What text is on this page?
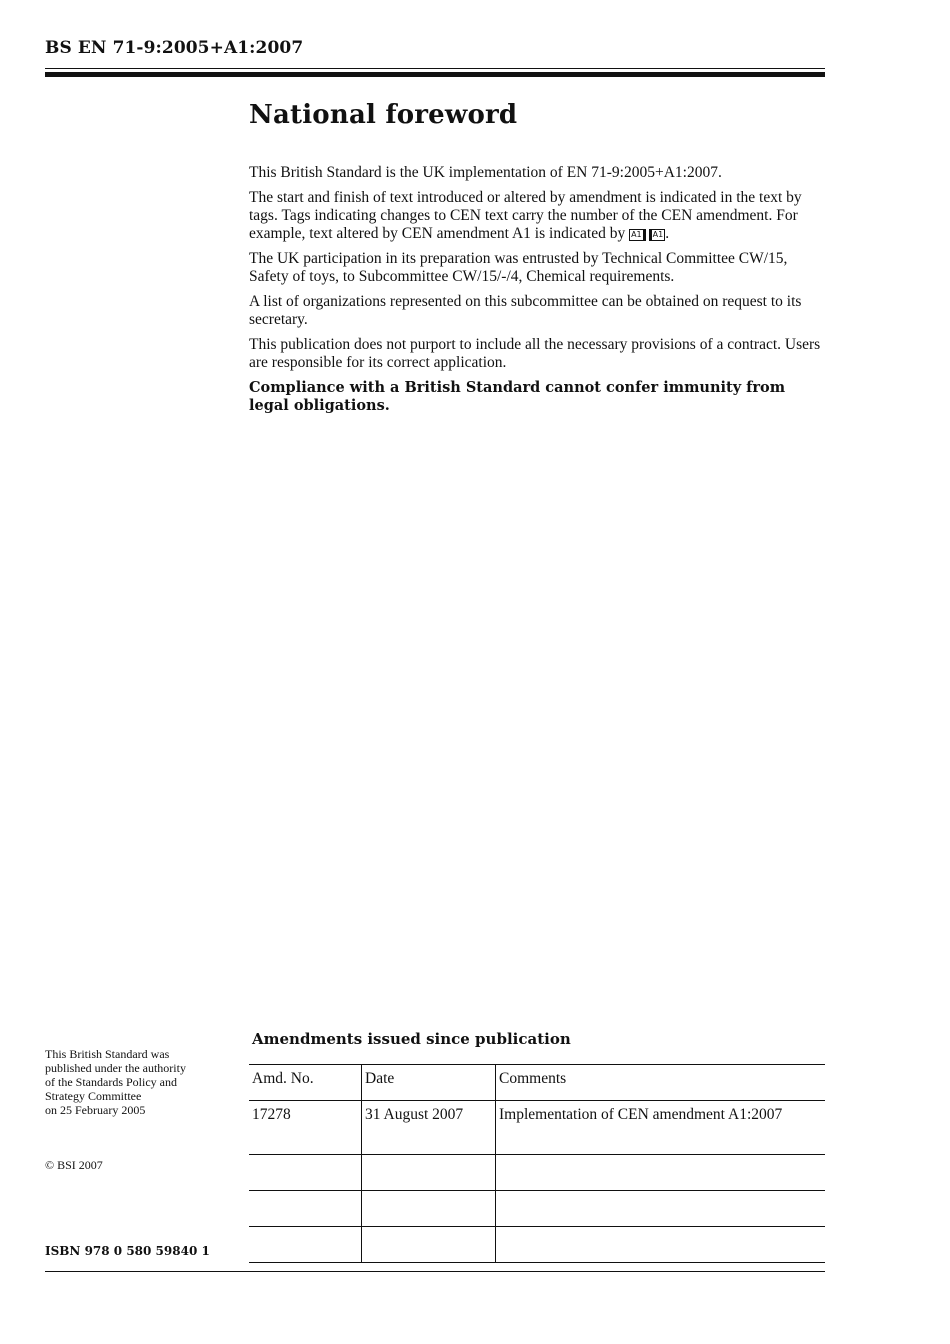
BS EN 71-9:2005+A1:2007
National foreword

This British Standard is the UK implementation of EN 71-9:2005+A1:2007.

The start and finish of text introduced or altered by amendment is indicated in the text by tags. Tags indicating changes to CEN text carry the number of the CEN amendment. For example, text altered by CEN amendment A1 is indicated by A1 A1 .

The UK participation in its preparation was entrusted by Technical Committee CW/15, Safety of toys, to Subcommittee CW/15/-/4, Chemical requirements.

A list of organizations represented on this subcommittee can be obtained on request to its secretary.

This publication does not purport to include all the necessary provisions of a contract. Users are responsible for its correct application.

Compliance with a British Standard cannot confer immunity from legal obligations.

This British Standard was
published under the authority
of the Standards Policy and
Strategy Committee
on 25 February 2005
© BSI 2007
ISBN 978 0 580 59840 1
Amendments issued since publication
Amd. No.	Date	Comments
17278	31 August 2007	Implementation of CEN amendment A1:2007
